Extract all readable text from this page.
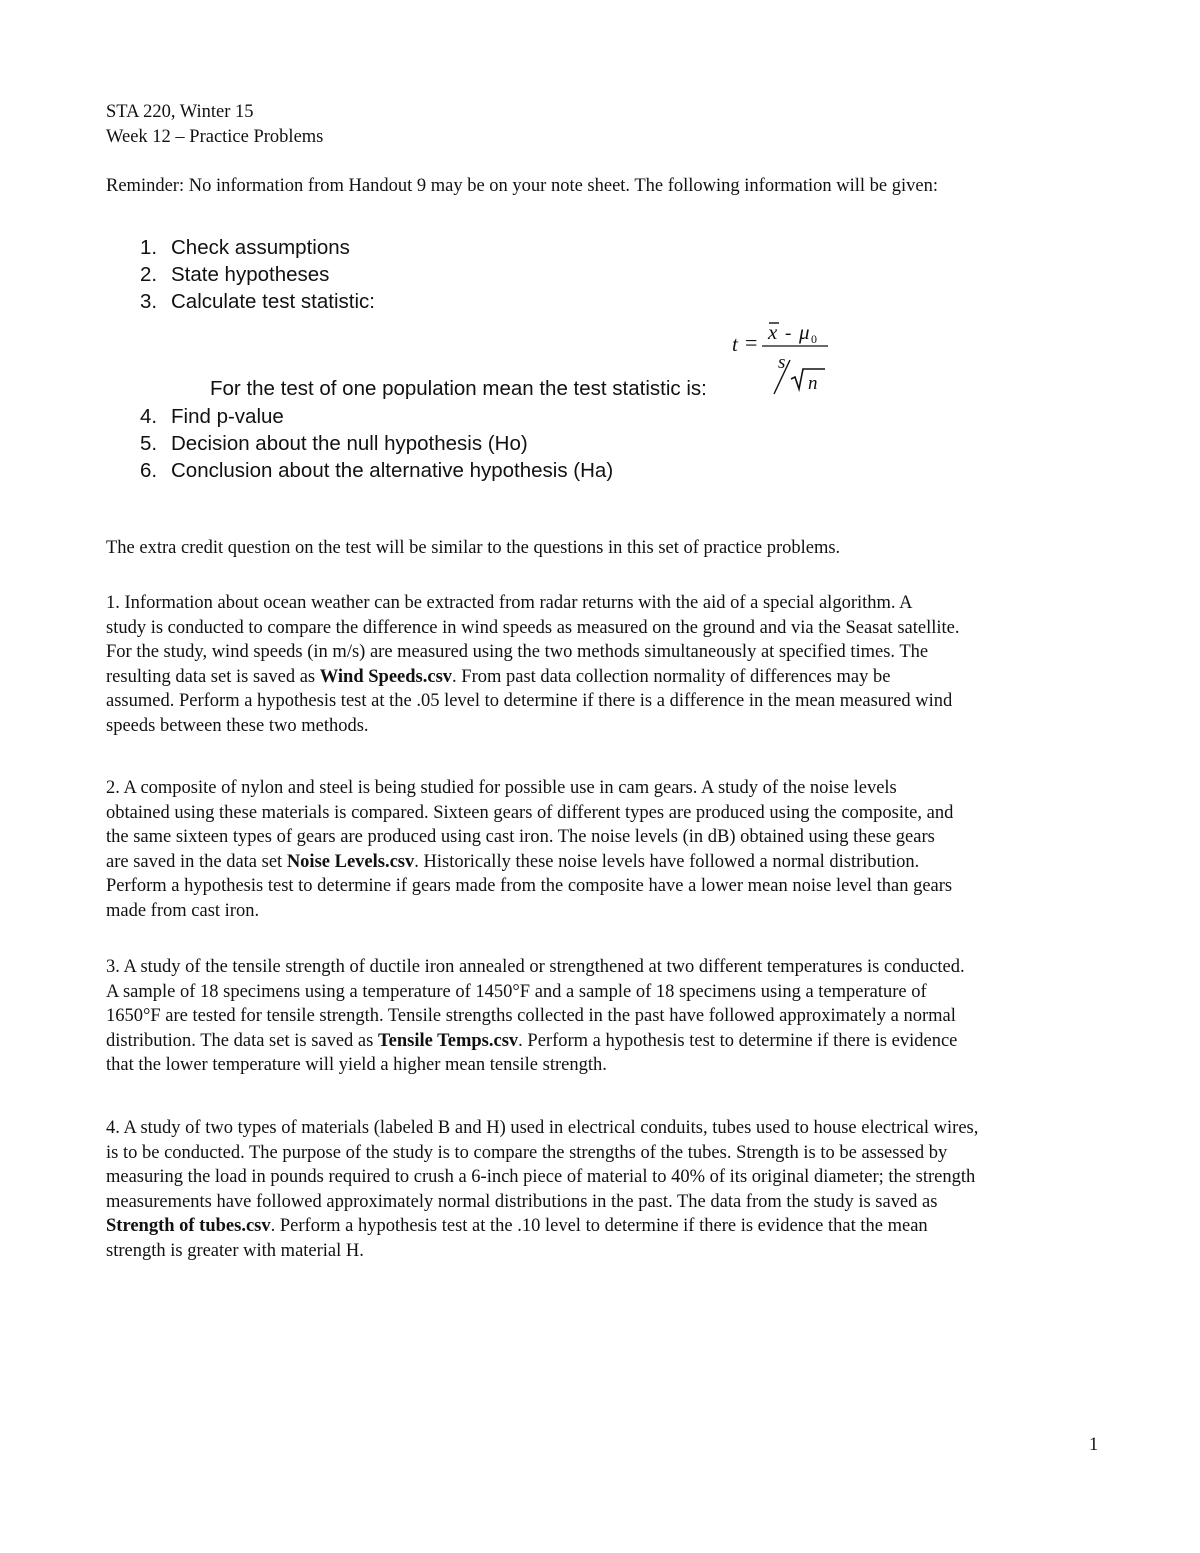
STA 220, Winter 15
Week 12 – Practice Problems
Reminder: No information from Handout 9 may be on your note sheet. The following information will be given:
1. Check assumptions
2. State hypotheses
3. Calculate test statistic:
For the test of one population mean the test statistic is:
t = x - μ 0
s
n
4. Find p-value
5. Decision about the null hypothesis (Ho)
6. Conclusion about the alternative hypothesis (Ha)
The extra credit question on the test will be similar to the questions in this set of practice problems.
1. Information about ocean weather can be extracted from radar returns with the aid of a special algorithm. A
study is conducted to compare the difference in wind speeds as measured on the ground and via the Seasat satellite.
For the study, wind speeds (in m/s) are measured using the two methods simultaneously at specified times. The
resulting data set is saved as Wind Speeds.csv. From past data collection normality of differences may be
assumed. Perform a hypothesis test at the .05 level to determine if there is a difference in the mean measured wind
speeds between these two methods.
2. A composite of nylon and steel is being studied for possible use in cam gears. A study of the noise levels
obtained using these materials is compared. Sixteen gears of different types are produced using the composite, and
the same sixteen types of gears are produced using cast iron. The noise levels (in dB) obtained using these gears
are saved in the data set Noise Levels.csv. Historically these noise levels have followed a normal distribution.
Perform a hypothesis test to determine if gears made from the composite have a lower mean noise level than gears
made from cast iron.
3. A study of the tensile strength of ductile iron annealed or strengthened at two different temperatures is conducted.
A sample of 18 specimens using a temperature of 1450°F and a sample of 18 specimens using a temperature of
1650°F are tested for tensile strength. Tensile strengths collected in the past have followed approximately a normal
distribution. The data set is saved as Tensile Temps.csv. Perform a hypothesis test to determine if there is evidence
that the lower temperature will yield a higher mean tensile strength.
4. A study of two types of materials (labeled B and H) used in electrical conduits, tubes used to house electrical wires,
is to be conducted. The purpose of the study is to compare the strengths of the tubes. Strength is to be assessed by
measuring the load in pounds required to crush a 6-inch piece of material to 40% of its original diameter; the strength
measurements have followed approximately normal distributions in the past. The data from the study is saved as
Strength of tubes.csv. Perform a hypothesis test at the .10 level to determine if there is evidence that the mean
strength is greater with material H.
1
